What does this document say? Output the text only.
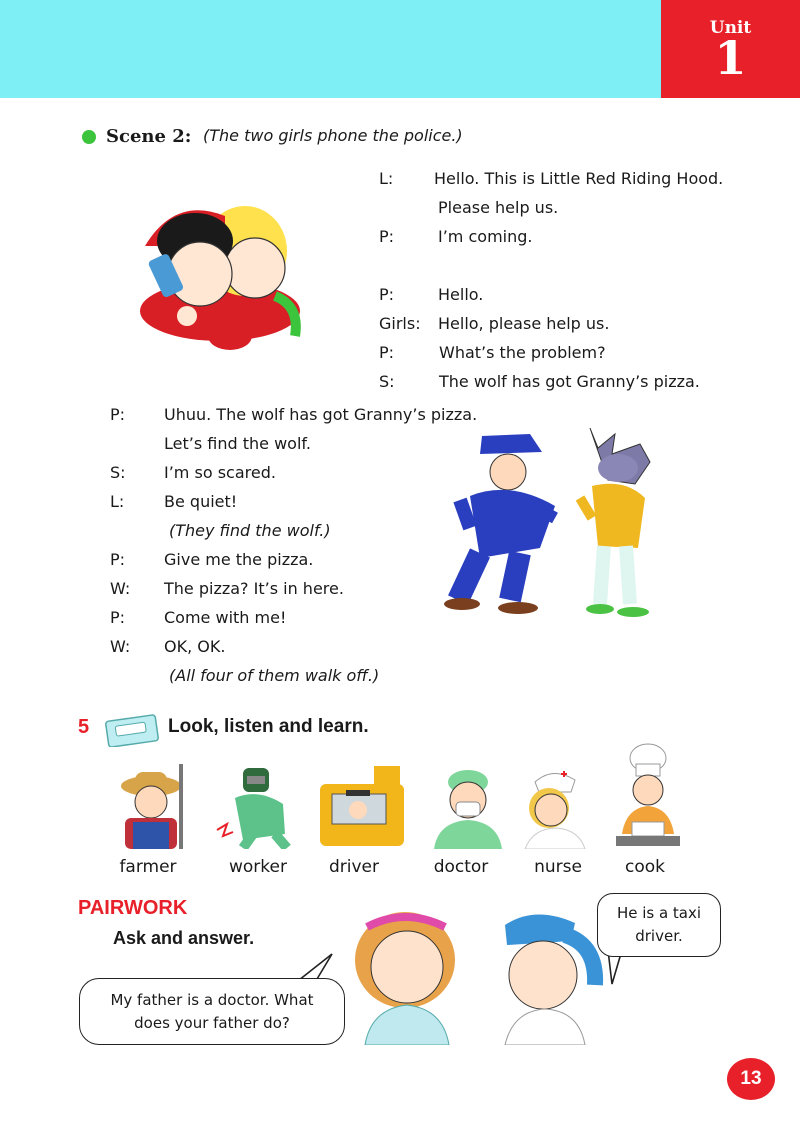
Unit
1
Scene 2: (The two girls phone the police.)
L:	Hello. This is Little Red Riding Hood.
Please help us.
P:	I’m coming.
P:	Hello.
Girls: Hello, please help us.
P:	What’s the problem?
S:	The wolf has got Granny’s pizza.
P: Uhuu. The wolf has got Granny’s pizza.
Let’s find the wolf.
S: I’m so scared.
L: Be quiet!
(They find the wolf.)
P: Give me the pizza.
W: The pizza? It’s in here.
P: Come with me!
W: OK, OK.
(All four of them walk off.)
5	Look, listen and learn.
farmer	worker	driver	doctor	nurse	cook
PAIRWORK
Ask and answer.
My father is a doctor. What
does your father do?
He is a taxi
driver.
13
